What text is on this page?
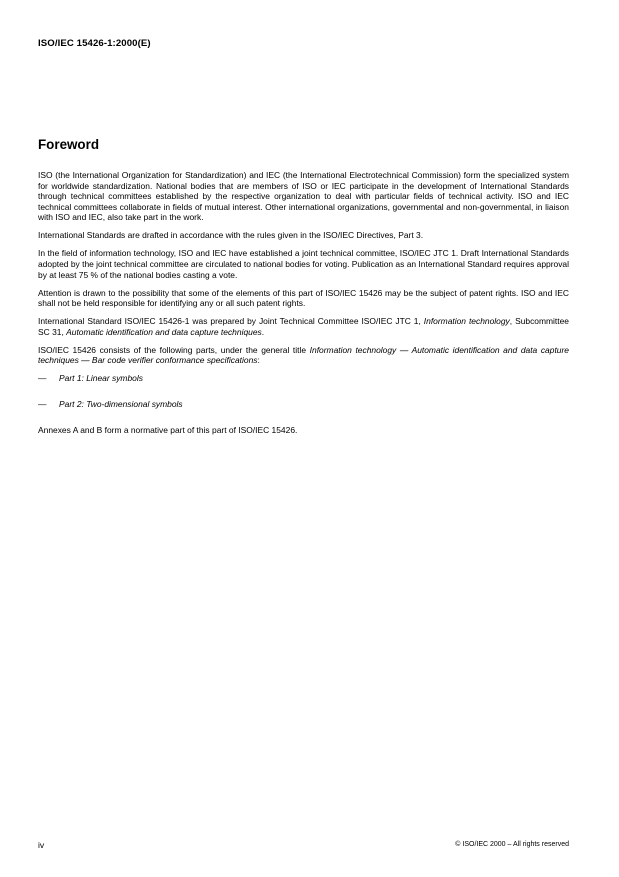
ISO/IEC 15426-1:2000(E)
Foreword

ISO (the International Organization for Standardization) and IEC (the International Electrotechnical Commission) form the specialized system for worldwide standardization. National bodies that are members of ISO or IEC participate in the development of International Standards through technical committees established by the respective organization to deal with particular fields of technical activity. ISO and IEC technical committees collaborate in fields of mutual interest. Other international organizations, governmental and non-governmental, in liaison with ISO and IEC, also take part in the work.

International Standards are drafted in accordance with the rules given in the ISO/IEC Directives, Part 3.

In the field of information technology, ISO and IEC have established a joint technical committee, ISO/IEC JTC 1. Draft International Standards adopted by the joint technical committee are circulated to national bodies for voting. Publication as an International Standard requires approval by at least 75 % of the national bodies casting a vote.

Attention is drawn to the possibility that some of the elements of this part of ISO/IEC 15426 may be the subject of patent rights. ISO and IEC shall not be held responsible for identifying any or all such patent rights.

International Standard ISO/IEC 15426-1 was prepared by Joint Technical Committee ISO/IEC JTC 1, Information technology, Subcommittee SC 31, Automatic identification and data capture techniques.

ISO/IEC 15426 consists of the following parts, under the general title Information technology — Automatic identification and data capture techniques — Bar code verifier conformance specifications:

— Part 1: Linear symbols

— Part 2: Two-dimensional symbols

Annexes A and B form a normative part of this part of ISO/IEC 15426.

iv	© ISO/IEC 2000 – All rights reserved
